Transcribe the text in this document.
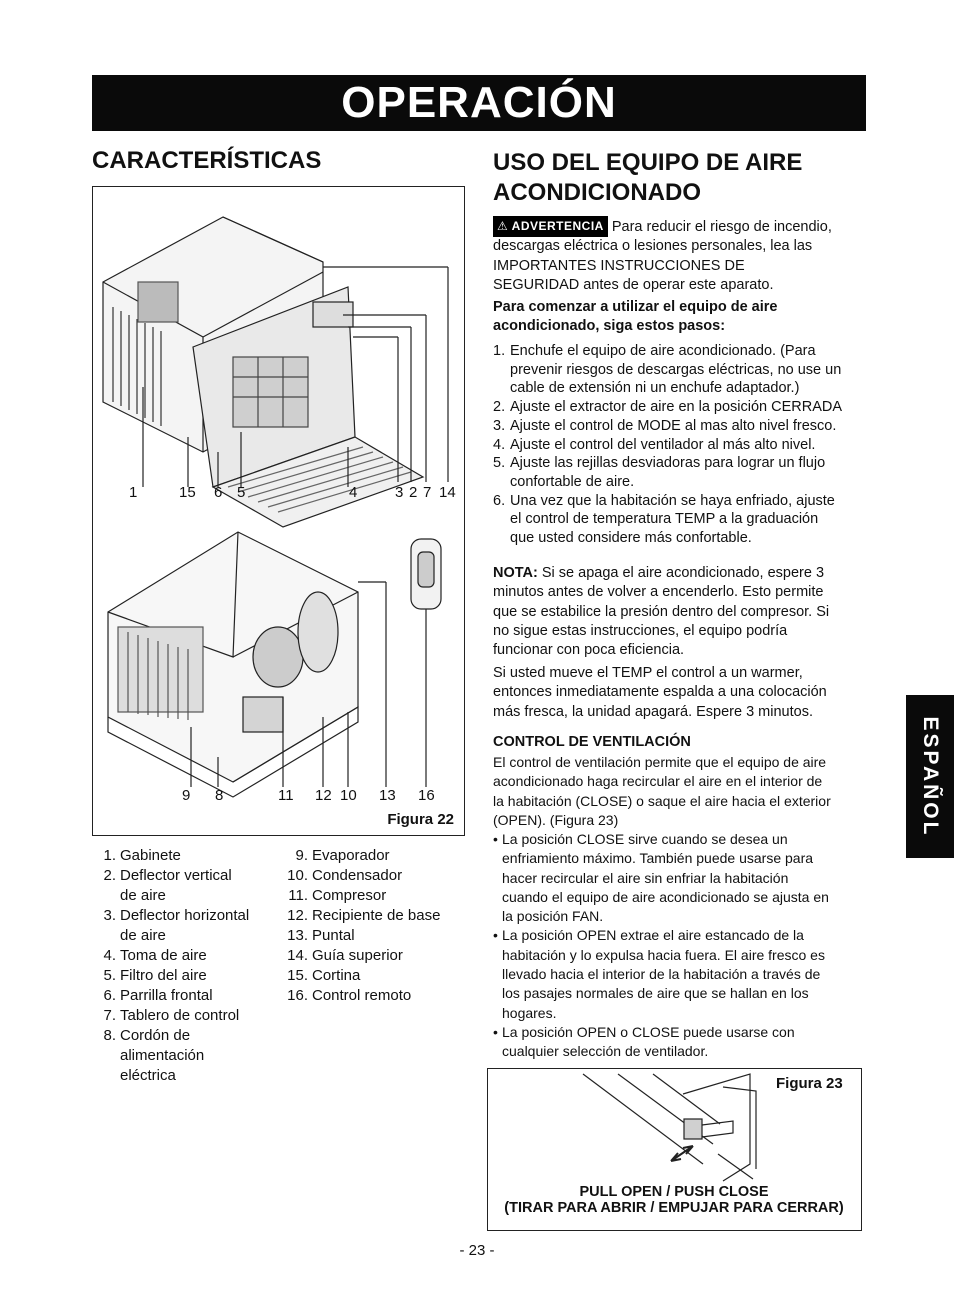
OPERACIÓN
CARACTERÍSTICAS
1	15 6 5	4	3 2 7 14
9 8	11 12 10 13 16
Figura 22
1. Gabinete
2. Deflector vertical
de aire
3. Deflector horizontal
de aire
4. Toma de aire
5. Filtro del aire
6. Parrilla frontal
7. Tablero de control
8. Cordón de
alimentación
eléctrica
9. Evaporador
10. Condensador
11. Compresor
12. Recipiente de base
13. Puntal
14. Guía superior
15. Cortina
16. Control remoto
USO DEL EQUIPO DE AIRE
ACONDICIONADO
⚠ ADVERTENCIA Para reducir el riesgo de incendio,
descargas eléctrica o lesiones personales, lea las
IMPORTANTES INSTRUCCIONES DE
SEGURIDAD antes de operar este aparato.
Para comenzar a utilizar el equipo de aire
acondicionado, siga estos pasos:
1. Enchufe el equipo de aire acondicionado. (Para
prevenir riesgos de descargas eléctricas, no use un
cable de extensión ni un enchufe adaptador.)
2. Ajuste el extractor de aire en la posición CERRADA
3. Ajuste el control de MODE al mas alto nivel fresco.
4. Ajuste el control del ventilador al más alto nivel.
5. Ajuste las rejillas desviadoras para lograr un flujo
confortable de aire.
6. Una vez que la habitación se haya enfriado, ajuste
el control de temperatura TEMP a la graduación
que usted considere más confortable.
NOTA: Si se apaga el aire acondicionado, espere 3
minutos antes de volver a encenderlo. Esto permite
que se estabilice la presión dentro del compresor. Si
no sigue estas instrucciones, el equipo podría
funcionar con poca eficiencia.
Si usted mueve el TEMP el control a un warmer,
entonces inmediatamente espalda a una colocación
más fresca, la unidad apagará. Espere 3 minutos.
CONTROL DE VENTILACIÓN
El control de ventilación permite que el equipo de aire
acondicionado haga recircular el aire en el interior de
la habitación (CLOSE) o saque el aire hacia el exterior
(OPEN). (Figura 23)
• La posición CLOSE sirve cuando se desea un
enfriamiento máximo. También puede usarse para
hacer recircular el aire sin enfriar la habitación
cuando el equipo de aire acondicionado se ajusta en
la posición FAN.
• La posición OPEN extrae el aire estancado de la
habitación y lo expulsa hacia fuera. El aire fresco es
llevado hacia el interior de la habitación a través de
los pasajes normales de aire que se hallan en los
hogares.
• La posición OPEN o CLOSE puede usarse con
cualquier selección de ventilador.
Figura 23
PULL OPEN / PUSH CLOSE
(TIRAR PARA ABRIR / EMPUJAR PARA CERRAR)
ESPAÑOL
- 23 -
